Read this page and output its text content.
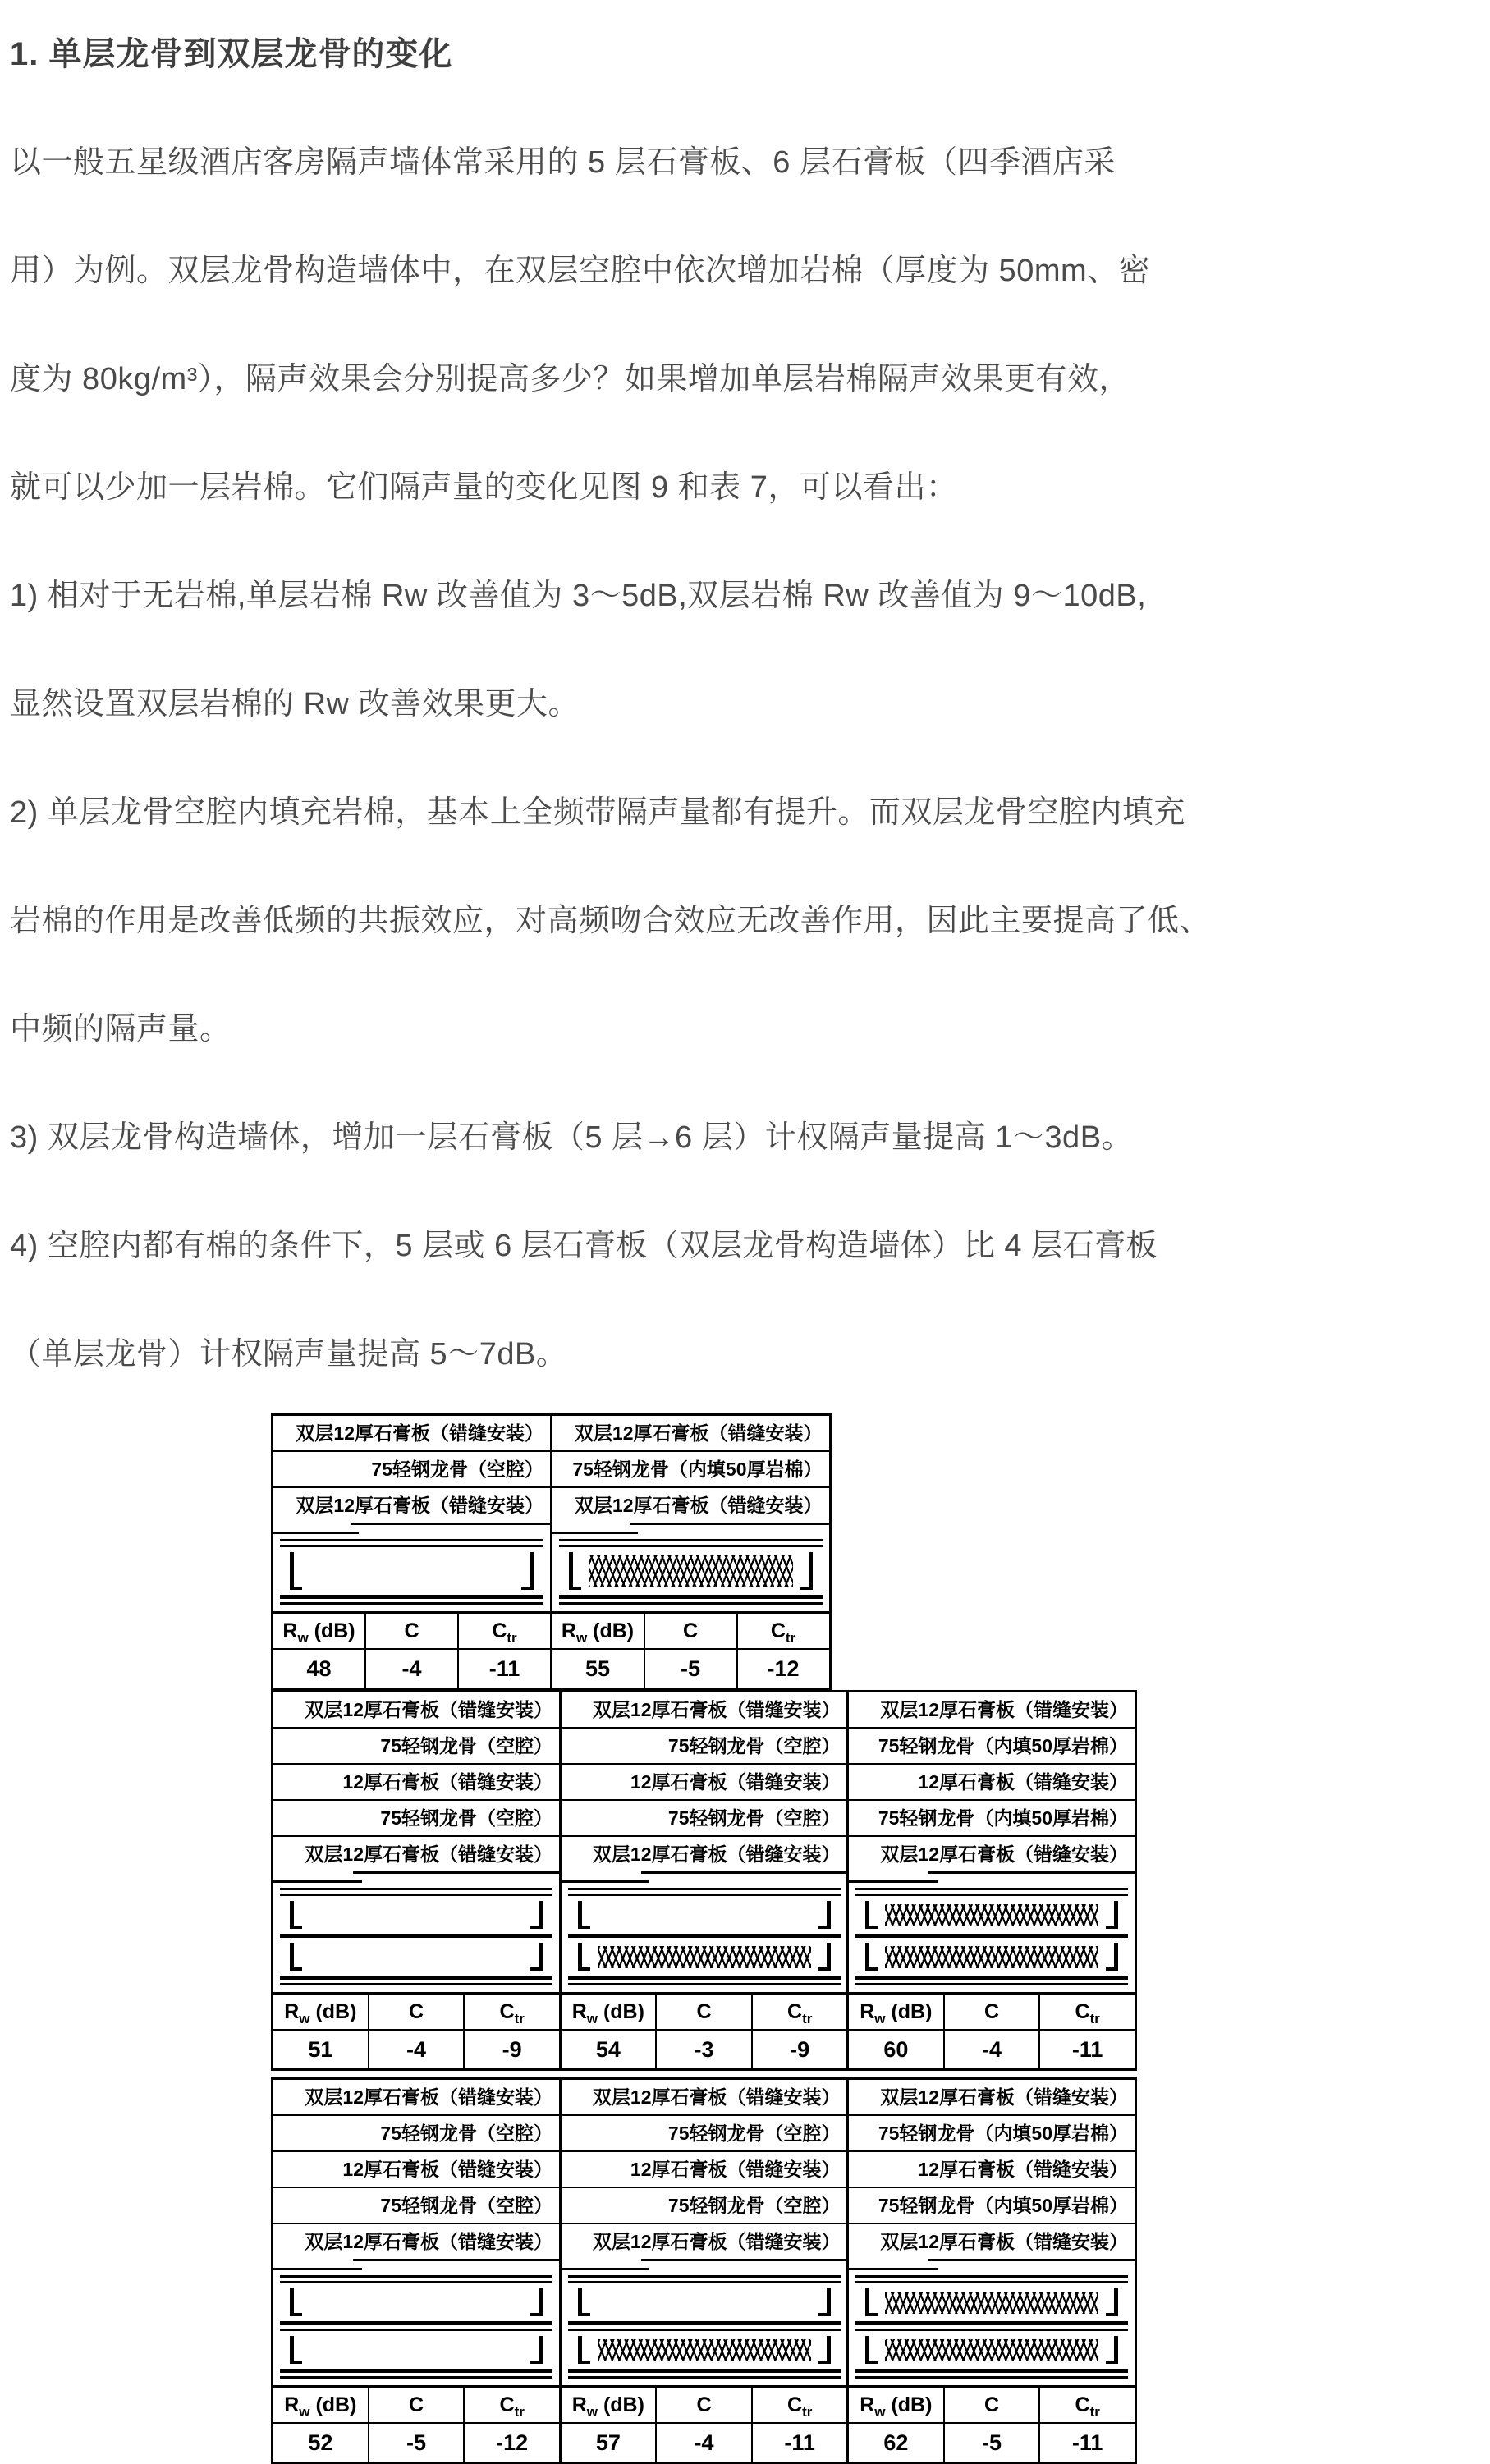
1. 单层龙骨到双层龙骨的变化
以一般五星级酒店客房隔声墙体常采用的 5 层石膏板、6 层石膏板（四季酒店采
用）为例。双层龙骨构造墙体中，在双层空腔中依次增加岩棉（厚度为 50mm、密
度为 80kg/m³），隔声效果会分别提高多少？如果增加单层岩棉隔声效果更有效，
就可以少加一层岩棉。它们隔声量的变化见图 9 和表 7，可以看出：
1) 相对于无岩棉,单层岩棉 Rw 改善值为 3～5dB,双层岩棉 Rw 改善值为 9～10dB,
显然设置双层岩棉的 Rw 改善效果更大。
2) 单层龙骨空腔内填充岩棉，基本上全频带隔声量都有提升。而双层龙骨空腔内填充
岩棉的作用是改善低频的共振效应，对高频吻合效应无改善作用，因此主要提高了低、
中频的隔声量。
3) 双层龙骨构造墙体，增加一层石膏板（5 层→6 层）计权隔声量提高 1～3dB。
4) 空腔内都有棉的条件下，5 层或 6 层石膏板（双层龙骨构造墙体）比 4 层石膏板
（单层龙骨）计权隔声量提高 5～7dB。
双层12厚石膏板（错缝安装）
75轻钢龙骨（空腔）
双层12厚石膏板（错缝安装）
$R_w$ (dB)	C	$C_{tr}$
48	-4	-11
双层12厚石膏板（错缝安装）
75轻钢龙骨（内填50厚岩棉）
双层12厚石膏板（错缝安装）
$R_w$ (dB)	C	$C_{tr}$
55	-5	-12
双层12厚石膏板（错缝安装）
75轻钢龙骨（空腔）
12厚石膏板（错缝安装）
75轻钢龙骨（空腔）
双层12厚石膏板（错缝安装）
$R_w$ (dB)	C	$C_{tr}$
51	-4	-9
双层12厚石膏板（错缝安装）
75轻钢龙骨（空腔）
12厚石膏板（错缝安装）
75轻钢龙骨（空腔）
双层12厚石膏板（错缝安装）
$R_w$ (dB)	C	$C_{tr}$
54	-3	-9
双层12厚石膏板（错缝安装）
75轻钢龙骨（内填50厚岩棉）
12厚石膏板（错缝安装）
75轻钢龙骨（内填50厚岩棉）
双层12厚石膏板（错缝安装）
$R_w$ (dB)	C	$C_{tr}$
60	-4	-11
双层12厚石膏板（错缝安装）
75轻钢龙骨（空腔）
12厚石膏板（错缝安装）
75轻钢龙骨（空腔）
双层12厚石膏板（错缝安装）
$R_w$ (dB)	C	$C_{tr}$
52	-5	-12
双层12厚石膏板（错缝安装）
75轻钢龙骨（空腔）
12厚石膏板（错缝安装）
75轻钢龙骨（空腔）
双层12厚石膏板（错缝安装）
$R_w$ (dB)	C	$C_{tr}$
57	-4	-11
双层12厚石膏板（错缝安装）
75轻钢龙骨（内填50厚岩棉）
12厚石膏板（错缝安装）
75轻钢龙骨（内填50厚岩棉）
双层12厚石膏板（错缝安装）
$R_w$ (dB)	C	$C_{tr}$
62	-5	-11
